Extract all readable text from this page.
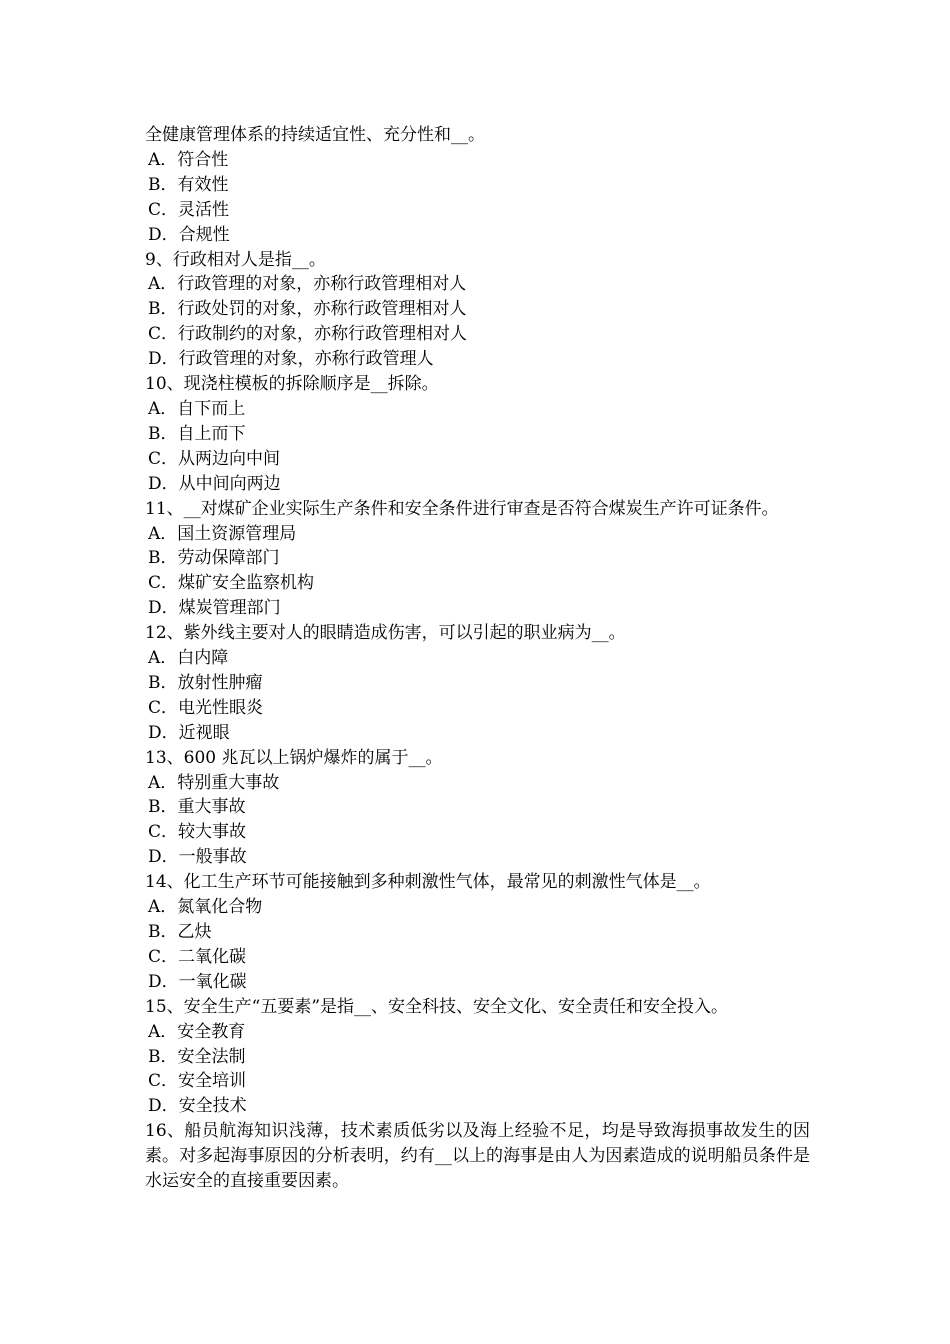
全健康管理体系的持续适宜性、充分性和__。
A．符合性
B．有效性
C．灵活性
D．合规性
9、行政相对人是指__。
A．行政管理的对象，亦称行政管理相对人
B．行政处罚的对象，亦称行政管理相对人
C．行政制约的对象，亦称行政管理相对人
D．行政管理的对象，亦称行政管理人
10、现浇柱模板的拆除顺序是__拆除。
A．自下而上
B．自上而下
C．从两边向中间
D．从中间向两边
11、__对煤矿企业实际生产条件和安全条件进行审查是否符合煤炭生产许可证条件。
A．国土资源管理局
B．劳动保障部门
C．煤矿安全监察机构
D．煤炭管理部门
12、紫外线主要对人的眼睛造成伤害，可以引起的职业病为__。
A．白内障
B．放射性肿瘤
C．电光性眼炎
D．近视眼
13、600 兆瓦以上锅炉爆炸的属于__。
A．特别重大事故
B．重大事故
C．较大事故
D．一般事故
14、化工生产环节可能接触到多种刺激性气体，最常见的刺激性气体是__。
A．氮氧化合物
B．乙炔
C．二氧化碳
D．一氧化碳
15、安全生产“五要素”是指__、安全科技、安全文化、安全责任和安全投入。
A．安全教育
B．安全法制
C．安全培训
D．安全技术
16、船员航海知识浅薄，技术素质低劣以及海上经验不足，均是导致海损事故发生的因素。对多起海事原因的分析表明，约有__以上的海事是由人为因素造成的说明船员条件是水运安全的直接重要因素。
